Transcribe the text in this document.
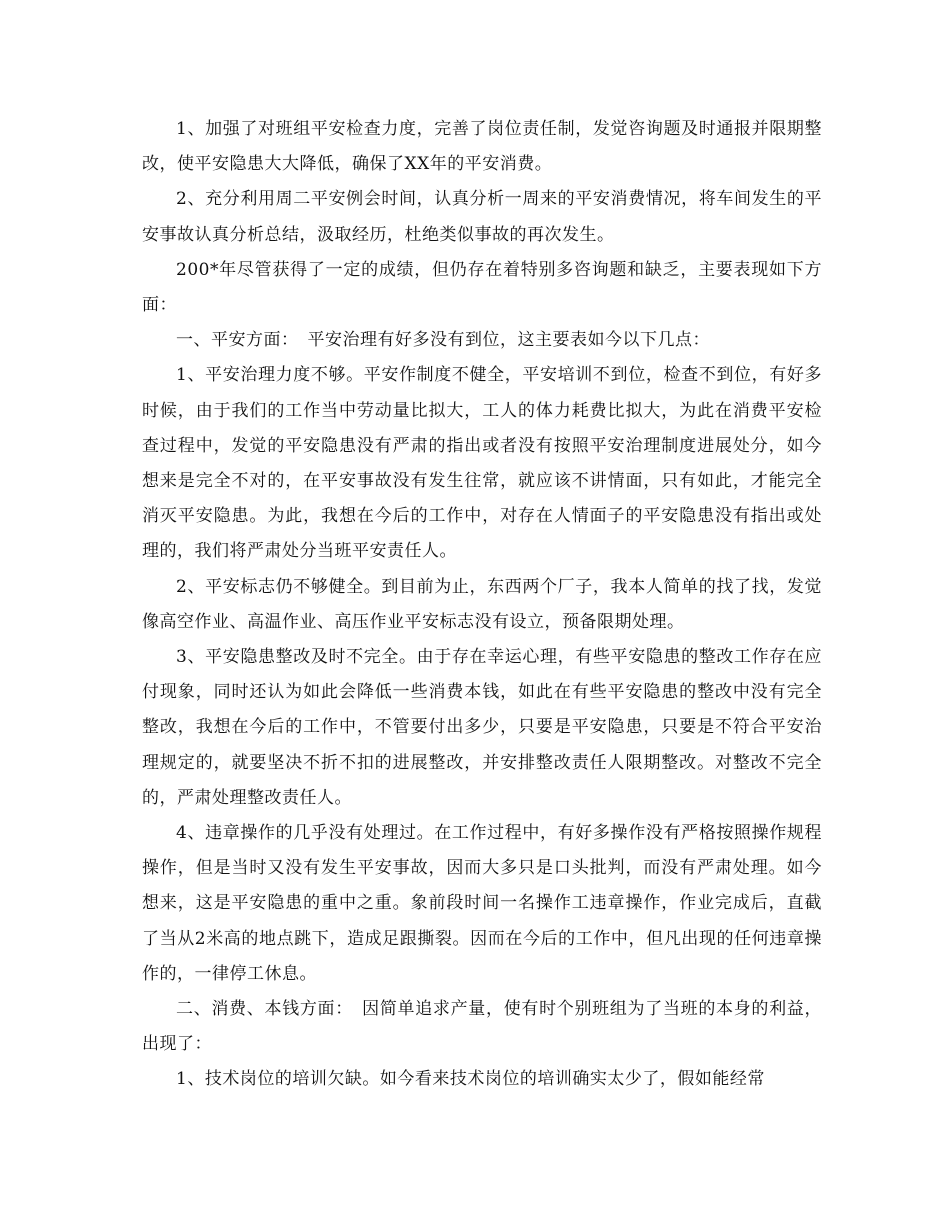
1、加强了对班组平安检查力度，完善了岗位责任制，发觉咨询题及时通报并限期整改，使平安隐患大大降低，确保了XX年的平安消费。

2、充分利用周二平安例会时间，认真分析一周来的平安消费情况，将车间发生的平安事故认真分析总结，汲取经历，杜绝类似事故的再次发生。

200*年尽管获得了一定的成绩，但仍存在着特别多咨询题和缺乏，主要表现如下方面：

一、平安方面：　平安治理有好多没有到位，这主要表如今以下几点：

1、平安治理力度不够。平安作制度不健全，平安培训不到位，检查不到位，有好多时候，由于我们的工作当中劳动量比拟大，工人的体力耗费比拟大，为此在消费平安检查过程中，发觉的平安隐患没有严肃的指出或者没有按照平安治理制度进展处分，如今想来是完全不对的，在平安事故没有发生往常，就应该不讲情面，只有如此，才能完全消灭平安隐患。为此，我想在今后的工作中，对存在人情面子的平安隐患没有指出或处理的，我们将严肃处分当班平安责任人。

2、平安标志仍不够健全。到目前为止，东西两个厂子，我本人简单的找了找，发觉像高空作业、高温作业、高压作业平安标志没有设立，预备限期处理。

3、平安隐患整改及时不完全。由于存在幸运心理，有些平安隐患的整改工作存在应付现象，同时还认为如此会降低一些消费本钱，如此在有些平安隐患的整改中没有完全整改，我想在今后的工作中，不管要付出多少，只要是平安隐患，只要是不符合平安治理规定的，就要坚决不折不扣的进展整改，并安排整改责任人限期整改。对整改不完全的，严肃处理整改责任人。

4、违章操作的几乎没有处理过。在工作过程中，有好多操作没有严格按照操作规程操作，但是当时又没有发生平安事故，因而大多只是口头批判，而没有严肃处理。如今想来，这是平安隐患的重中之重。象前段时间一名操作工违章操作，作业完成后，直截了当从2米高的地点跳下，造成足跟撕裂。因而在今后的工作中，但凡出现的任何违章操作的，一律停工休息。

二、消费、本钱方面：　因简单追求产量，使有时个别班组为了当班的本身的利益，出现了：

1、技术岗位的培训欠缺。如今看来技术岗位的培训确实太少了，假如能经常
